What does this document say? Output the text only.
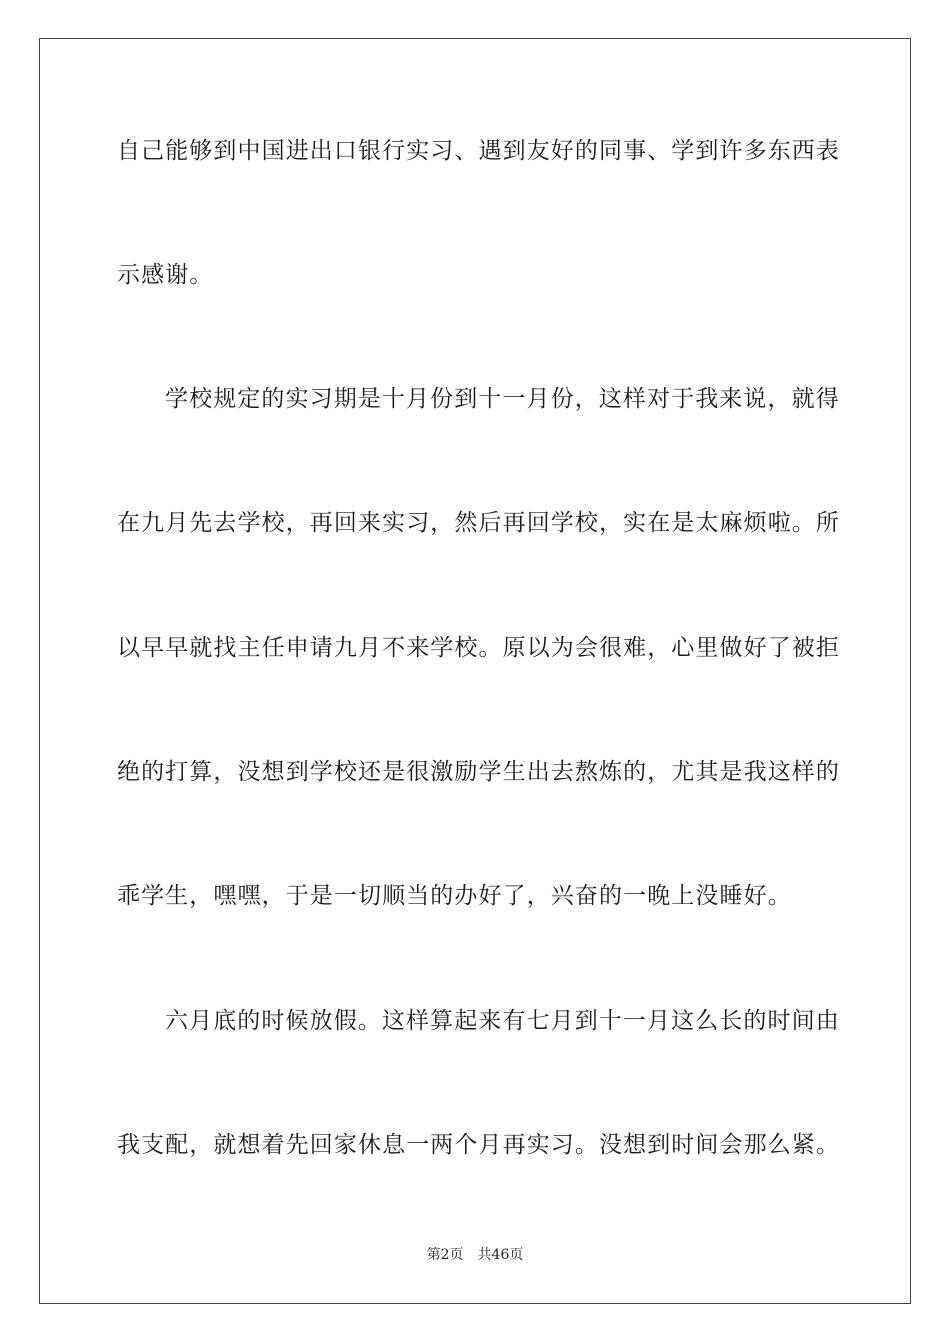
自己能够到中国进出口银行实习、遇到友好的同事、学到许多东西表
示感谢。
学校规定的实习期是十月份到十一月份，这样对于我来说，就得
在九月先去学校，再回来实习，然后再回学校，实在是太麻烦啦。所
以早早就找主任申请九月不来学校。原以为会很难，心里做好了被拒
绝的打算，没想到学校还是很激励学生出去熬炼的，尤其是我这样的
乖学生，嘿嘿，于是一切顺当的办好了，兴奋的一晚上没睡好。
六月底的时候放假。这样算起来有七月到十一月这么长的时间由
我支配，就想着先回家休息一两个月再实习。没想到时间会那么紧。
第2页 共46页
